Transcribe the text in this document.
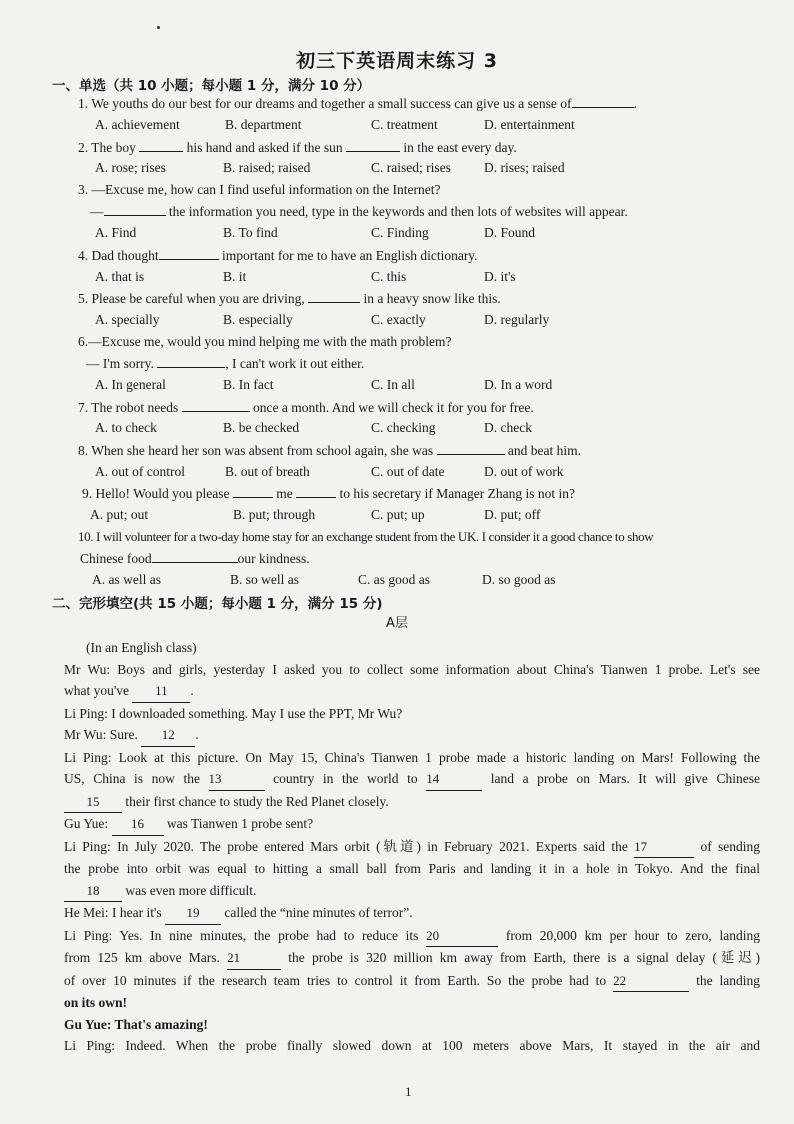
初三下英语周末练习 3
一、单选（共 10 小题；每小题 1 分，满分 10 分）
1. We youths do our best for our dreams and together a small success can give us a sense of	.
A. achievement	B. department	C. treatment	D. entertainment
2. The boy	his hand and asked if the sun	in the east every day.
A. rose; rises	B. raised; raised	C. raised; rises D. rises; raised
3. —Excuse me, how can I find useful information on the Internet?
—	the information you need, type in the keywords and then lots of websites will appear.
A. Find	B. To find	C. Finding	D. Found
4. Dad thought	important for me to have an English dictionary.
A. that is	B. it	C. this	D. it's
5. Please be careful when you are driving,	in a heavy snow like this.
A. specially	B. especially	C. exactly	D. regularly
6.—Excuse me, would you mind helping me with the math problem?
— I'm sorry.	, I can't work it out either.
A. In general	B. In fact	C. In all	D. In a word
7. The robot needs	once a month. And we will check it for you for free.
A. to check	B. be checked	C. checking	D. check
8. When she heard her son was absent from school again, she was	and beat him.
A. out of control	B. out of breath	C. out of date	D. out of work
9. Hello! Would you please	me	to his secretary if Manager Zhang is not in?
A. put; out	B. put; through	C. put; up	D. put; off
10. I will volunteer for a two-day home stay for an exchange student from the UK. I consider it a good chance to show
Chinese food	our kindness.
A. as well as	B. so well as	C. as good as	D. so good as
二、完形填空(共 15 小题；每小题 1 分，满分 15 分)
A层
(In an English class)
Mr Wu: Boys and girls, yesterday I asked you to collect some information about China's Tianwen 1 probe. Let's see
what you've 11 .
Li Ping: I downloaded something. May I use the PPT, Mr Wu?
Mr Wu: Sure. 12 .
Li Ping: Look at this picture. On May 15, China's Tianwen 1 probe made a historic landing on Mars! Following the
US, China is now the 13	country in the world to 14	land a probe on Mars. It will give Chinese
15 their first chance to study the Red Planet closely.
Gu Yue: 16 was Tianwen 1 probe sent?
Li Ping: In July 2020. The probe entered Mars orbit (轨道) in February 2021. Experts said the 17	of sending
the probe into orbit was equal to hitting a small ball from Paris and landing it in a hole in Tokyo. And the final
18 was even more difficult.
He Mei: I hear it's 19 called the “nine minutes of terror”.
Li Ping: Yes. In nine minutes, the probe had to reduce its 20	from 20,000 km per hour to zero, landing
from 125 km above Mars. 21	the probe is 320 million km away from Earth, there is a signal delay (延迟)
of over 10 minutes if the research team tries to control it from Earth. So the probe had to 22	the landing
on its own!
Gu Yue: That's amazing!
Li Ping: Indeed. When the probe finally slowed down at 100 meters above Mars, It stayed in the air and
1
